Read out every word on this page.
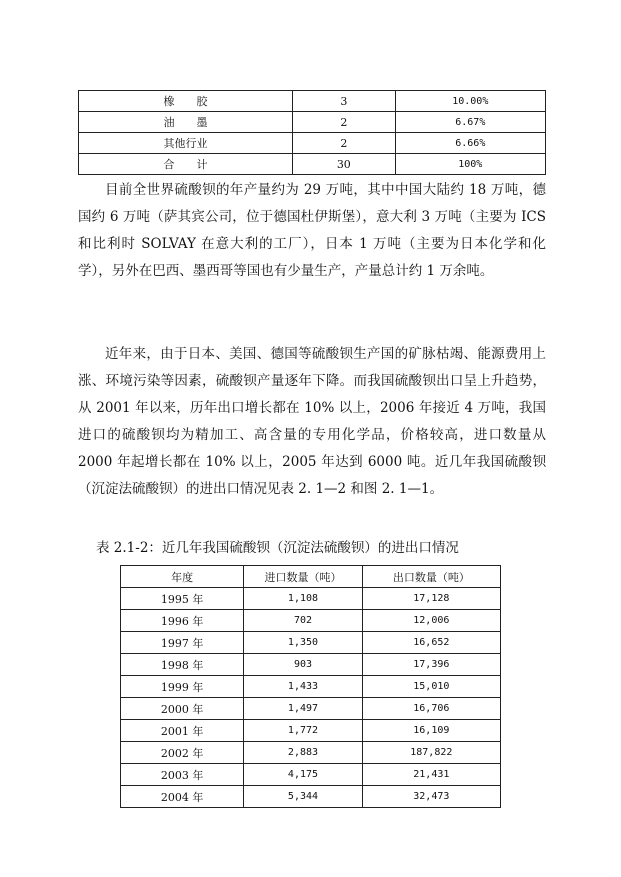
橡　　胶	3	10.00%
油　　墨	2	6.67%
其他行业	2	6.66%
合　　计	30	100%

目前全世界硫酸钡的年产量约为 29 万吨，其中中国大陆约 18 万吨，德国约 6 万吨（萨其宾公司，位于德国杜伊斯堡），意大利 3 万吨（主要为 ICS 和比利时 SOLVAY 在意大利的工厂），日本 1 万吨（主要为日本化学和化学），另外在巴西、墨西哥等国也有少量生产，产量总计约 1 万余吨。

近年来，由于日本、美国、德国等硫酸钡生产国的矿脉枯竭、能源费用上涨、环境污染等因素，硫酸钡产量逐年下降。而我国硫酸钡出口呈上升趋势，从 2001 年以来，历年出口增长都在 10% 以上，2006 年接近 4 万吨，我国进口的硫酸钡均为精加工、高含量的专用化学品，价格较高，进口数量从 2000 年起增长都在 10% 以上，2005 年达到 6000 吨。近几年我国硫酸钡（沉淀法硫酸钡）的进出口情况见表 2. 1—2 和图 2. 1—1。

表 2.1-2：近几年我国硫酸钡（沉淀法硫酸钡）的进出口情况
年度	进口数量（吨）	出口数量（吨）
1995 年	1,108	17,128
1996 年	702	12,006
1997 年	1,350	16,652
1998 年	903	17,396
1999 年	1,433	15,010
2000 年	1,497	16,706
2001 年	1,772	16,109
2002 年	2,883	187,822
2003 年	4,175	21,431
2004 年	5,344	32,473
